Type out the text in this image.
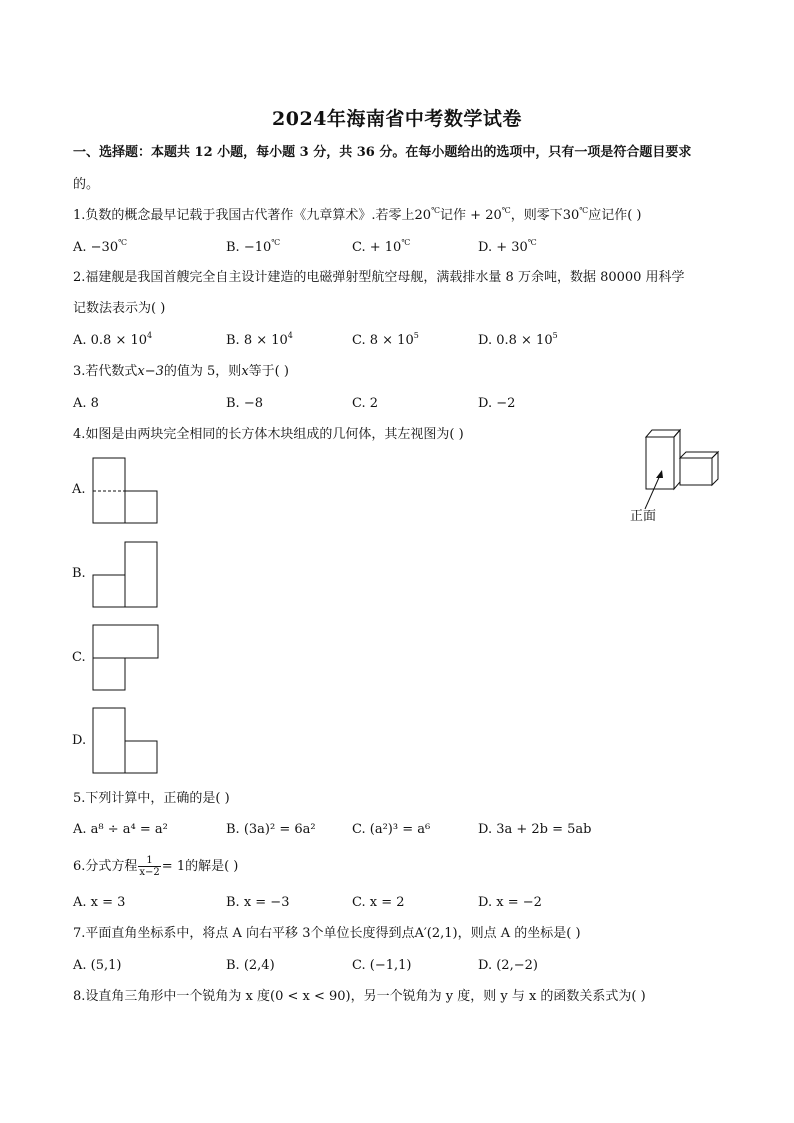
2024年海南省中考数学试卷
一、选择题：本题共 12 小题，每小题 3 分，共 36 分。在每小题给出的选项中，只有一项是符合题目要求
的。
1.负数的概念最早记载于我国古代著作《九章算术》.若零上20℃记作 + 20℃，则零下30℃应记作( )
A. −30℃	B. −10℃	C. + 10℃	D. + 30℃
2.福建舰是我国首艘完全自主设计建造的电磁弹射型航空母舰，满载排水量 8 万余吨，数据 80000 用科学
记数法表示为( )
A. $0.8 \times 10^4$	B. $8 \times 10^4$	C. $8 \times 10^5$	D. $0.8 \times 10^5$
3.若代数式x−3的值为 5，则x等于( )
A. 8	B. −8	C. 2	D. −2
4.如图是由两块完全相同的长方体木块组成的几何体，其左视图为( )
正面
A.
B.
C.
D.
5.下列计算中，正确的是( )
A. a⁸ ÷ a⁴ = a²	B. (3a)² = 6a²	C. (a²)³ = a⁶	D. 3a + 2b = 5ab
6.分式方程 $\frac{1}{x-2} = 1$的解是( )
A. x = 3	B. x = −3	C. x = 2	D. x = −2
7.平面直角坐标系中，将点 A 向右平移 3个单位长度得到点A′(2,1)，则点 A 的坐标是( )
A. (5,1)	B. (2,4)	C. (−1,1)	D. (2,−2)
8.设直角三角形中一个锐角为 x 度(0 < x < 90)，另一个锐角为 y 度，则 y 与 x 的函数关系式为( )
